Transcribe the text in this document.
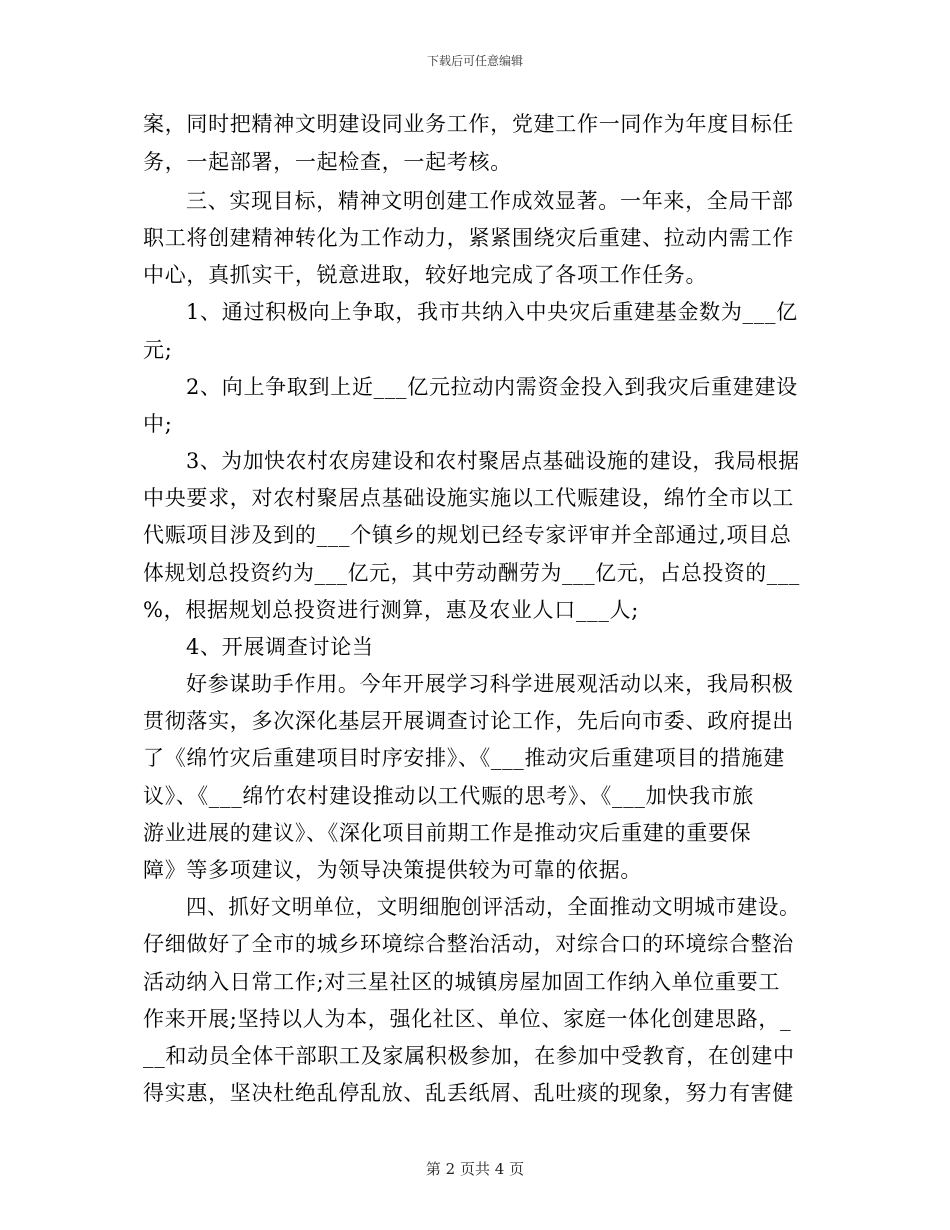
下载后可任意编辑
案，同时把精神文明建设同业务工作，党建工作一同作为年度目标任
务，一起部署，一起检查，一起考核。
三、实现目标，精神文明创建工作成效显著。一年来，全局干部
职工将创建精神转化为工作动力，紧紧围绕灾后重建、拉动内需工作
中心，真抓实干，锐意进取，较好地完成了各项工作任务。
1、通过积极向上争取，我市共纳入中央灾后重建基金数为___亿
元;
2、向上争取到上近___亿元拉动内需资金投入到我灾后重建建设
中;
3、为加快农村农房建设和农村聚居点基础设施的建设，我局根据
中央要求，对农村聚居点基础设施实施以工代赈建设，绵竹全市以工
代赈项目涉及到的___个镇乡的规划已经专家评审并全部通过,项目总
体规划总投资约为___亿元，其中劳动酬劳为___亿元，占总投资的___
%，根据规划总投资进行测算，惠及农业人口___人;
4、开展调查讨论当
好参谋助手作用。今年开展学习科学进展观活动以来，我局积极
贯彻落实，多次深化基层开展调查讨论工作，先后向市委、政府提出
了《绵竹灾后重建项目时序安排》、《___推动灾后重建项目的措施建
议》、《___绵竹农村建设推动以工代赈的思考》、《___加快我市旅
游业进展的建议》、《深化项目前期工作是推动灾后重建的重要保
障》等多项建议，为领导决策提供较为可靠的依据。
四、抓好文明单位，文明细胞创评活动，全面推动文明城市建设。
仔细做好了全市的城乡环境综合整治活动，对综合口的环境综合整治
活动纳入日常工作;对三星社区的城镇房屋加固工作纳入单位重要工
作来开展;坚持以人为本，强化社区、单位、家庭一体化创建思路，_
__和动员全体干部职工及家属积极参加，在参加中受教育，在创建中
得实惠，坚决杜绝乱停乱放、乱丢纸屑、乱吐痰的现象，努力有害健
第 2 页共 4 页
